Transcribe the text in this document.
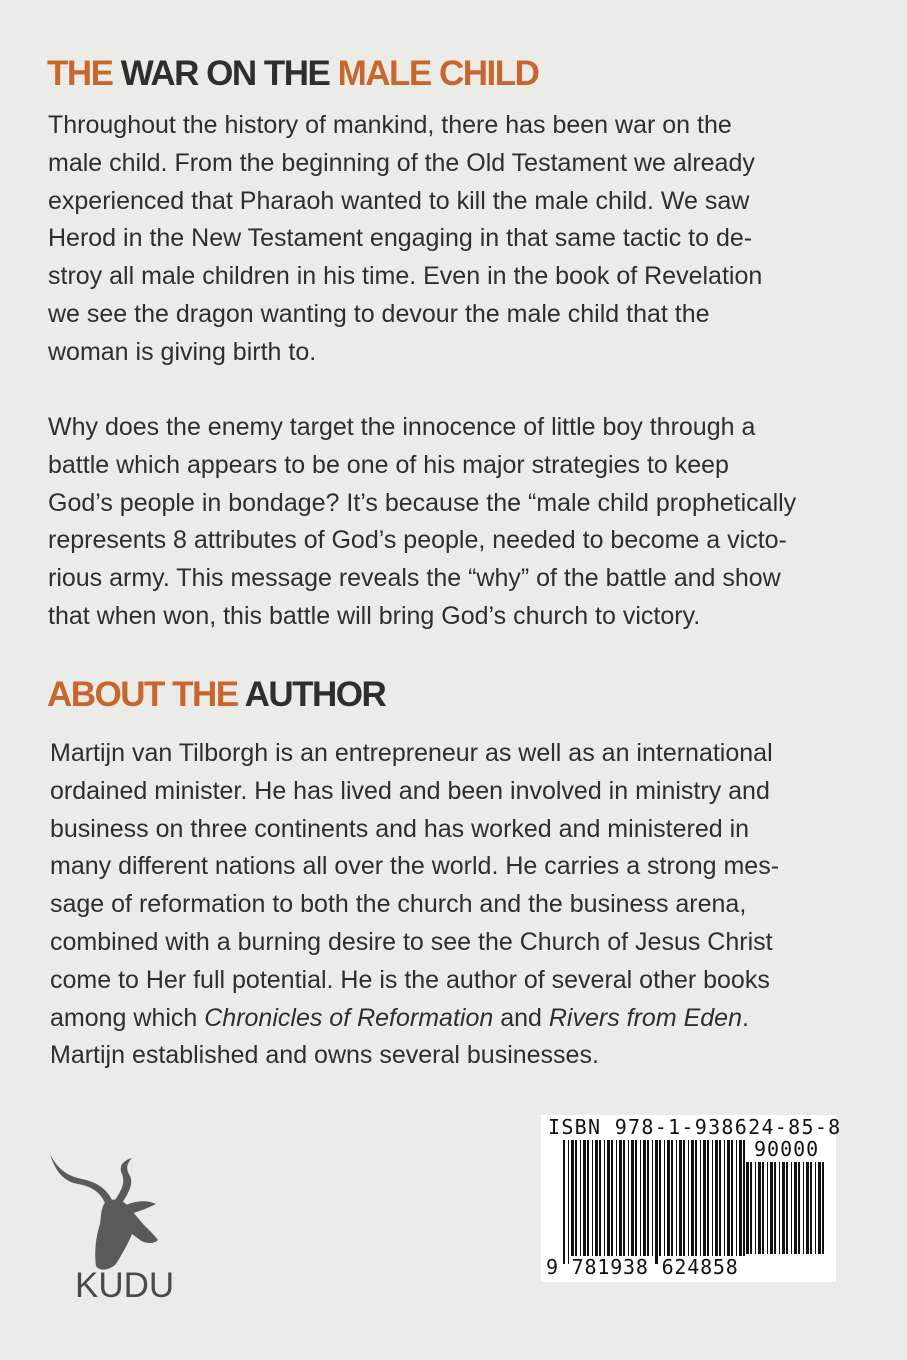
THE WAR ON THE MALE CHILD

Throughout the history of mankind, there has been war on the
male child. From the beginning of the Old Testament we already
experienced that Pharaoh wanted to kill the male child. We saw
Herod in the New Testament engaging in that same tactic to de-
stroy all male children in his time. Even in the book of Revelation
we see the dragon wanting to devour the male child that the
woman is giving birth to.

Why does the enemy target the innocence of little boy through a
battle which appears to be one of his major strategies to keep
God’s people in bondage? It’s because the “male child prophetically
represents 8 attributes of God’s people, needed to become a victo-
rious army. This message reveals the “why” of the battle and show
that when won, this battle will bring God’s church to victory.

ABOUT THE AUTHOR

Martijn van Tilborgh is an entrepreneur as well as an international
ordained minister. He has lived and been involved in ministry and
business on three continents and has worked and ministered in
many different nations all over the world. He carries a strong mes-
sage of reformation to both the church and the business arena,
combined with a burning desire to see the Church of Jesus Christ
come to Her full potential. He is the author of several other books
among which Chronicles of Reformation and Rivers from Eden.
Martijn established and owns several businesses.

KUDU
ISBN 978-1-938624-85-8
90000
9 781938 624858
